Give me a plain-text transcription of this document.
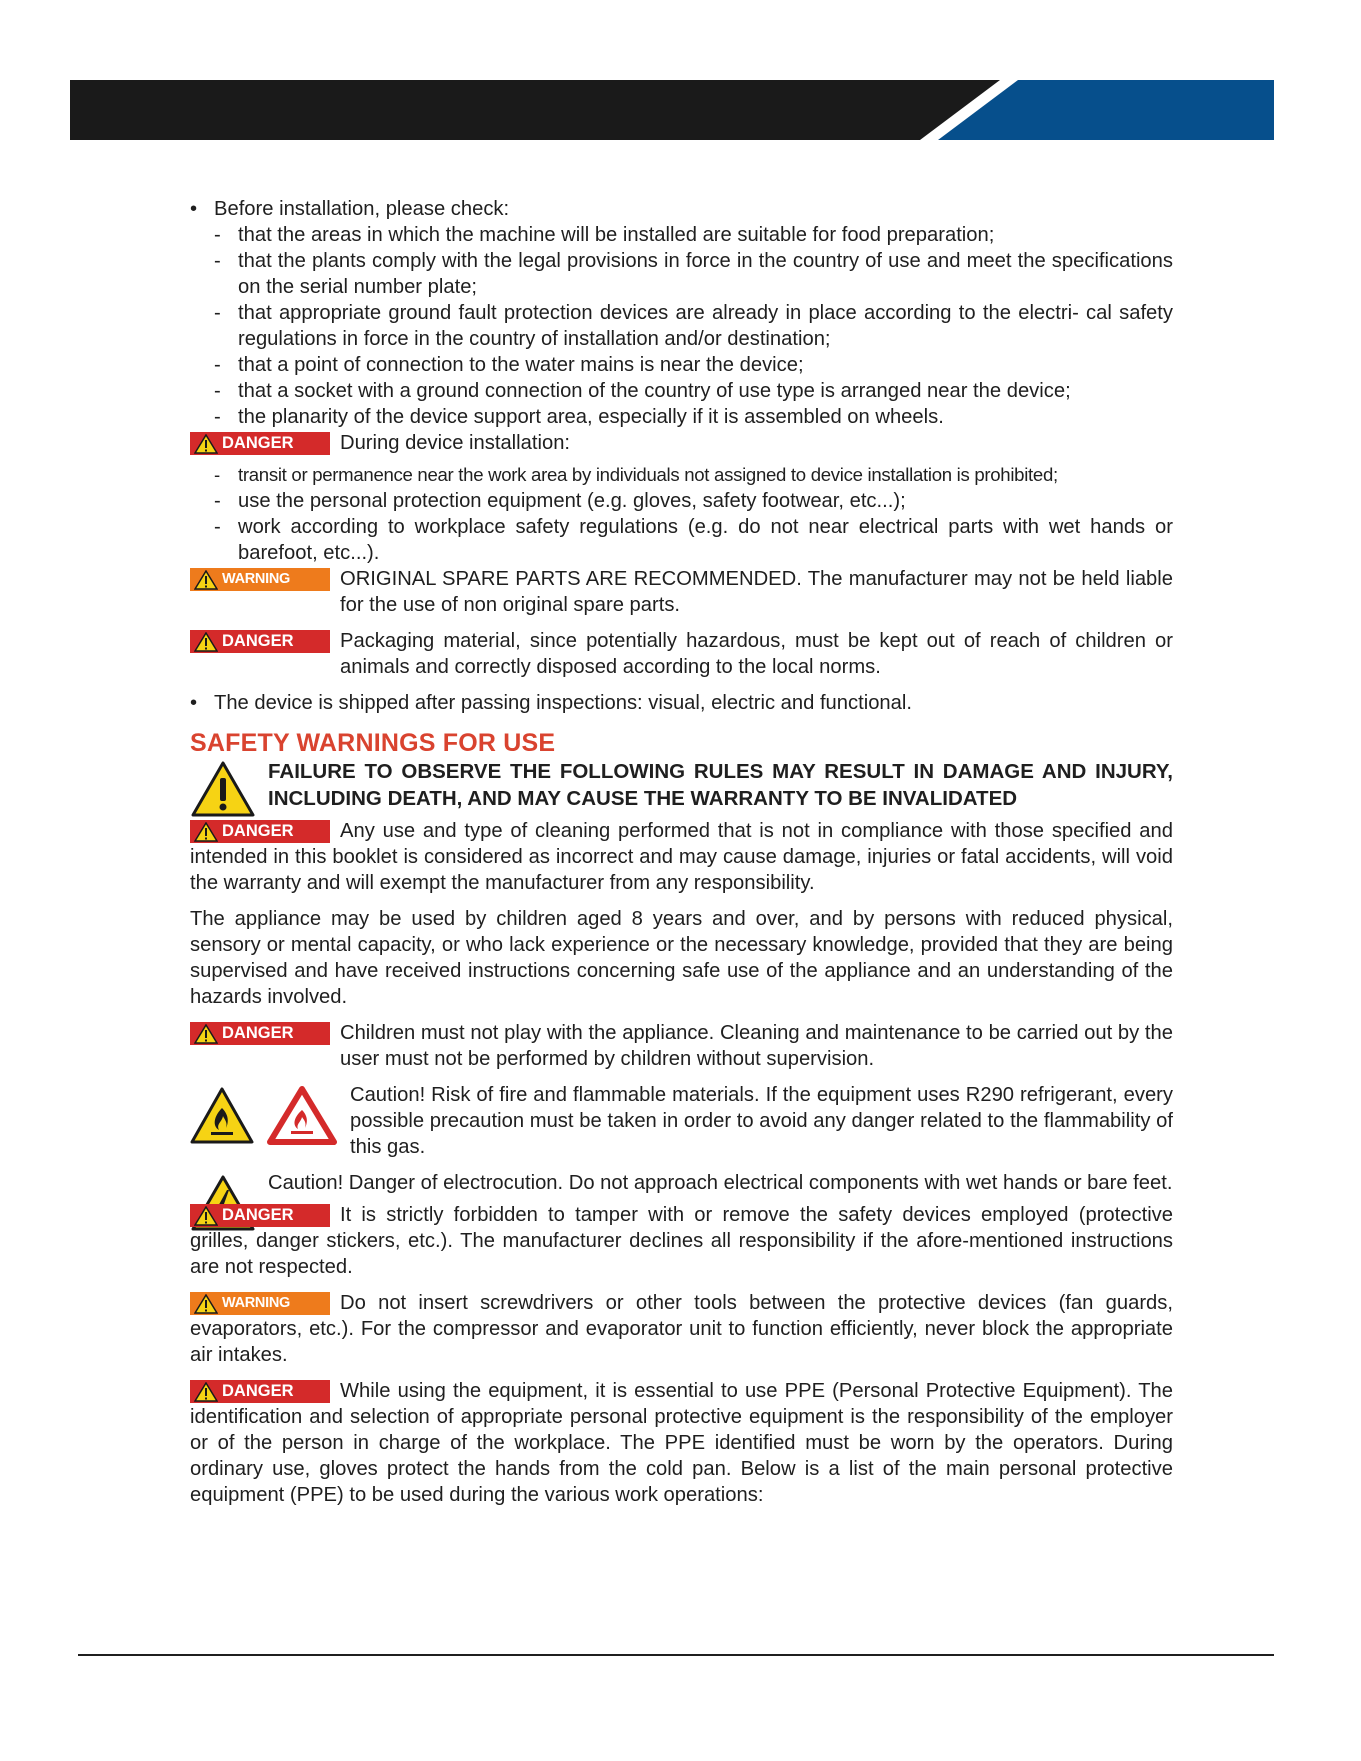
• Before installation, please check:

- that the areas in which the machine will be installed are suitable for food preparation;

- that the plants comply with the legal provisions in force in the country of use and meet the specifications on the serial number plate;

- that appropriate ground fault protection devices are already in place according to the electri- cal safety regulations in force in the country of installation and/or destination;

- that a point of connection to the water mains is near the device;

- that a socket with a ground connection of the country of use type is arranged near the device;

- the planarity of the device support area, especially if it is assembled on wheels.

DANGER	During device installation:

- transit or permanence near the work area by individuals not assigned to device installation is prohibited;

- use the personal protection equipment (e.g. gloves, safety footwear, etc...);

- work according to workplace safety regulations (e.g. do not near electrical parts with wet hands or barefoot, etc...).

WARNING	ORIGINAL SPARE PARTS ARE RECOMMENDED. The manufacturer may not be held liable for the use of non original spare parts.

DANGER	Packaging material, since potentially hazardous, must be kept out of reach of children or animals and correctly disposed according to the local norms.

• The device is shipped after passing inspections: visual, electric and functional.

SAFETY WARNINGS FOR USE

FAILURE TO OBSERVE THE FOLLOWING RULES MAY RESULT IN DAMAGE AND INJURY, INCLUDING DEATH, AND MAY CAUSE THE WARRANTY TO BE INVALIDATED

DANGER	Any use and type of cleaning performed that is not in compliance with those specified and intended in this booklet is considered as incorrect and may cause damage, injuries or fatal accidents, will void the warranty and will exempt the manufacturer from any responsibility.

The appliance may be used by children aged 8 years and over, and by persons with reduced physical, sensory or mental capacity, or who lack experience or the necessary knowledge, provided that they are being supervised and have received instructions concerning safe use of the appliance and an understanding of the hazards involved.

DANGER	Children must not play with the appliance. Cleaning and maintenance to be carried out by the user must not be performed by children without supervision.

Caution! Risk of fire and flammable materials. If the equipment uses R290 refrigerant, every possible precaution must be taken in order to avoid any danger related to the flammability of this gas.

Caution! Danger of electrocution. Do not approach electrical components with wet hands or bare feet.

DANGER	It is strictly forbidden to tamper with or remove the safety devices employed (protective grilles, danger stickers, etc.). The manufacturer declines all responsibility if the afore-mentioned instructions are not respected.

WARNING	Do not insert screwdrivers or other tools between the protective devices (fan guards, evaporators, etc.). For the compressor and evaporator unit to function efficiently, never block the appropriate air intakes.

DANGER	While using the equipment, it is essential to use PPE (Personal Protective Equipment). The identification and selection of appropriate personal protective equipment is the responsibility of the employer or of the person in charge of the workplace. The PPE identified must be worn by the operators. During ordinary use, gloves protect the hands from the cold pan. Below is a list of the main personal protective equipment (PPE) to be used during the various work operations:
